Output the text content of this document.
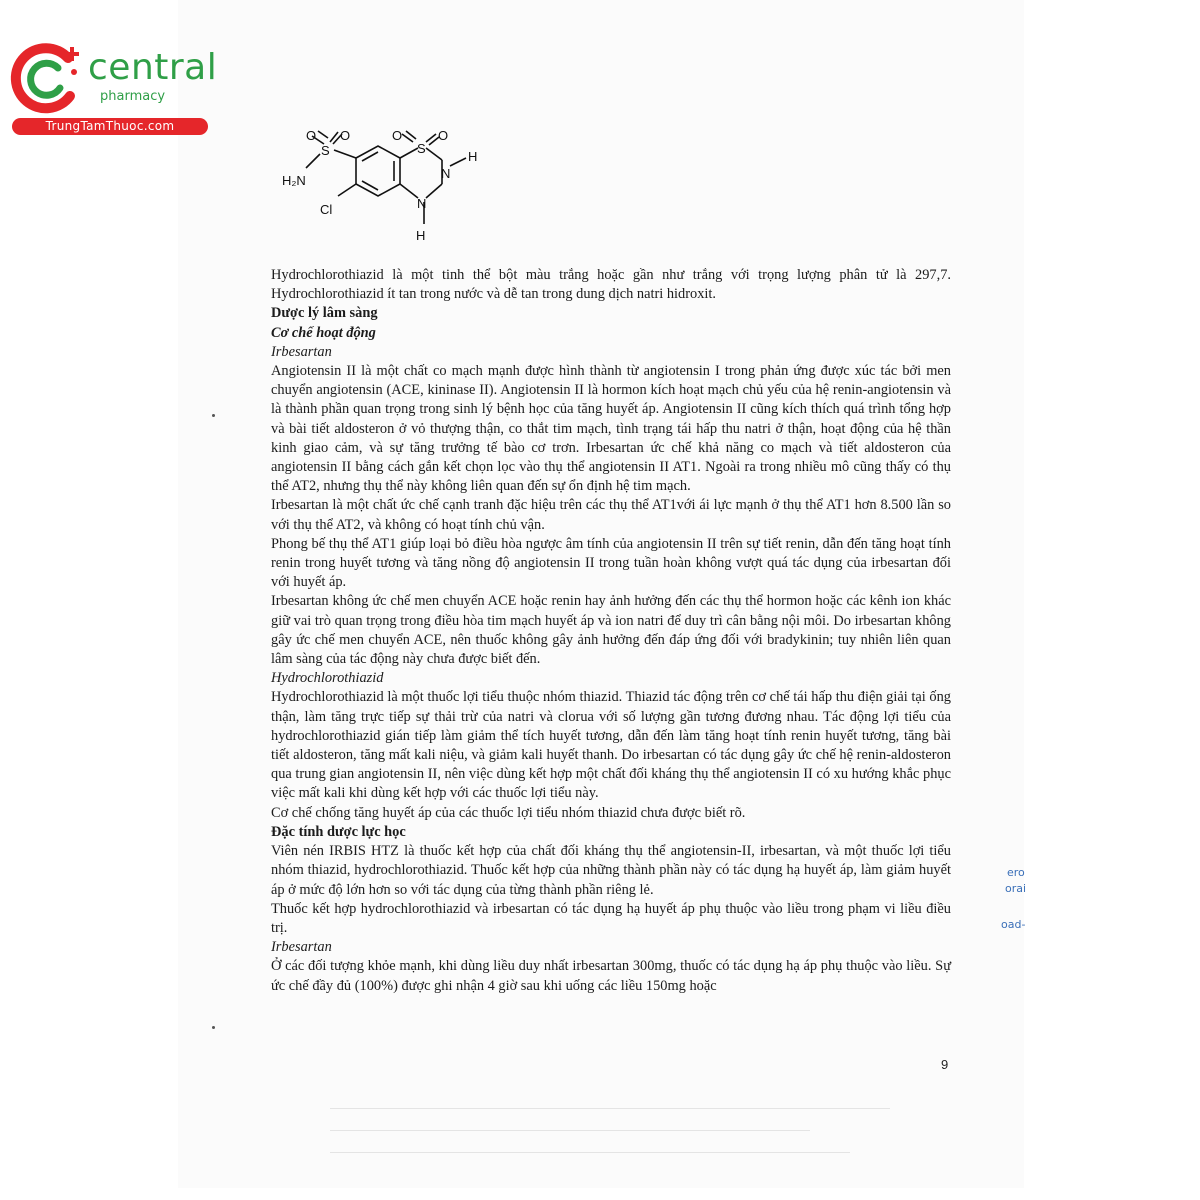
central
pharmacy
TrungTamThuoc.com
O O	O	O
S	S
H
N
N
H
H₂N
Cl

Hydrochlorothiazid là một tinh thể bột màu trắng hoặc gần như trắng với trọng lượng phân tử là 297,7. Hydrochlorothiazid ít tan trong nước và dễ tan trong dung dịch natri hidroxit.

Dược lý lâm sàng

Cơ chế hoạt động

Irbesartan

Angiotensin II là một chất co mạch mạnh được hình thành từ angiotensin I trong phản ứng được xúc tác bởi men chuyển angiotensin (ACE, kininase II). Angiotensin II là hormon kích hoạt mạch chủ yếu của hệ renin-angiotensin và là thành phần quan trọng trong sinh lý bệnh học của tăng huyết áp. Angiotensin II cũng kích thích quá trình tổng hợp và bài tiết aldosteron ở vỏ thượng thận, co thắt tim mạch, tình trạng tái hấp thu natri ở thận, hoạt động của hệ thần kinh giao cảm, và sự tăng trưởng tế bào cơ trơn. Irbesartan ức chế khả năng co mạch và tiết aldosteron của angiotensin II bằng cách gắn kết chọn lọc vào thụ thể angiotensin II AT1. Ngoài ra trong nhiều mô cũng thấy có thụ thể AT2, nhưng thụ thể này không liên quan đến sự ổn định hệ tim mạch.

Irbesartan là một chất ức chế cạnh tranh đặc hiệu trên các thụ thể AT1với ái lực mạnh ở thụ thể AT1 hơn 8.500 lần so với thụ thể AT2, và không có hoạt tính chủ vận.

Phong bế thụ thể AT1 giúp loại bỏ điều hòa ngược âm tính của angiotensin II trên sự tiết renin, dẫn đến tăng hoạt tính renin trong huyết tương và tăng nồng độ angiotensin II trong tuần hoàn không vượt quá tác dụng của irbesartan đối với huyết áp.

Irbesartan không ức chế men chuyển ACE hoặc renin hay ảnh hưởng đến các thụ thể hormon hoặc các kênh ion khác giữ vai trò quan trọng trong điều hòa tim mạch huyết áp và ion natri để duy trì cân bằng nội môi. Do irbesartan không gây ức chế men chuyển ACE, nên thuốc không gây ảnh hưởng đến đáp ứng đối với bradykinin; tuy nhiên liên quan lâm sàng của tác động này chưa được biết đến.

Hydrochlorothiazid

Hydrochlorothiazid là một thuốc lợi tiểu thuộc nhóm thiazid. Thiazid tác động trên cơ chế tái hấp thu điện giải tại ống thận, làm tăng trực tiếp sự thải trừ của natri và clorua với số lượng gần tương đương nhau. Tác động lợi tiểu của hydrochlorothiazid gián tiếp làm giảm thể tích huyết tương, dẫn đến làm tăng hoạt tính renin huyết tương, tăng bài tiết aldosteron, tăng mất kali niệu, và giảm kali huyết thanh. Do irbesartan có tác dụng gây ức chế hệ renin-aldosteron qua trung gian angiotensin II, nên việc dùng kết hợp một chất đối kháng thụ thể angiotensin II có xu hướng khắc phục việc mất kali khi dùng kết hợp với các thuốc lợi tiểu này.

Cơ chế chống tăng huyết áp của các thuốc lợi tiểu nhóm thiazid chưa được biết rõ.

Đặc tính dược lực học

Viên nén IRBIS HTZ là thuốc kết hợp của chất đối kháng thụ thể angiotensin-II, irbesartan, và một thuốc lợi tiểu nhóm thiazid, hydrochlorothiazid. Thuốc kết hợp của những thành phần này có tác dụng hạ huyết áp, làm giảm huyết áp ở mức độ lớn hơn so với tác dụng của từng thành phần riêng lẻ.

Thuốc kết hợp hydrochlorothiazid và irbesartan có tác dụng hạ huyết áp phụ thuộc vào liều trong phạm vi liều điều trị.

Irbesartan

Ở các đối tượng khỏe mạnh, khi dùng liều duy nhất irbesartan 300mg, thuốc có tác dụng hạ áp phụ thuộc vào liều. Sự ức chế đầy đủ (100%) được ghi nhận 4 giờ sau khi uống các liều 150mg hoặc

9
ero
orai
oad-
